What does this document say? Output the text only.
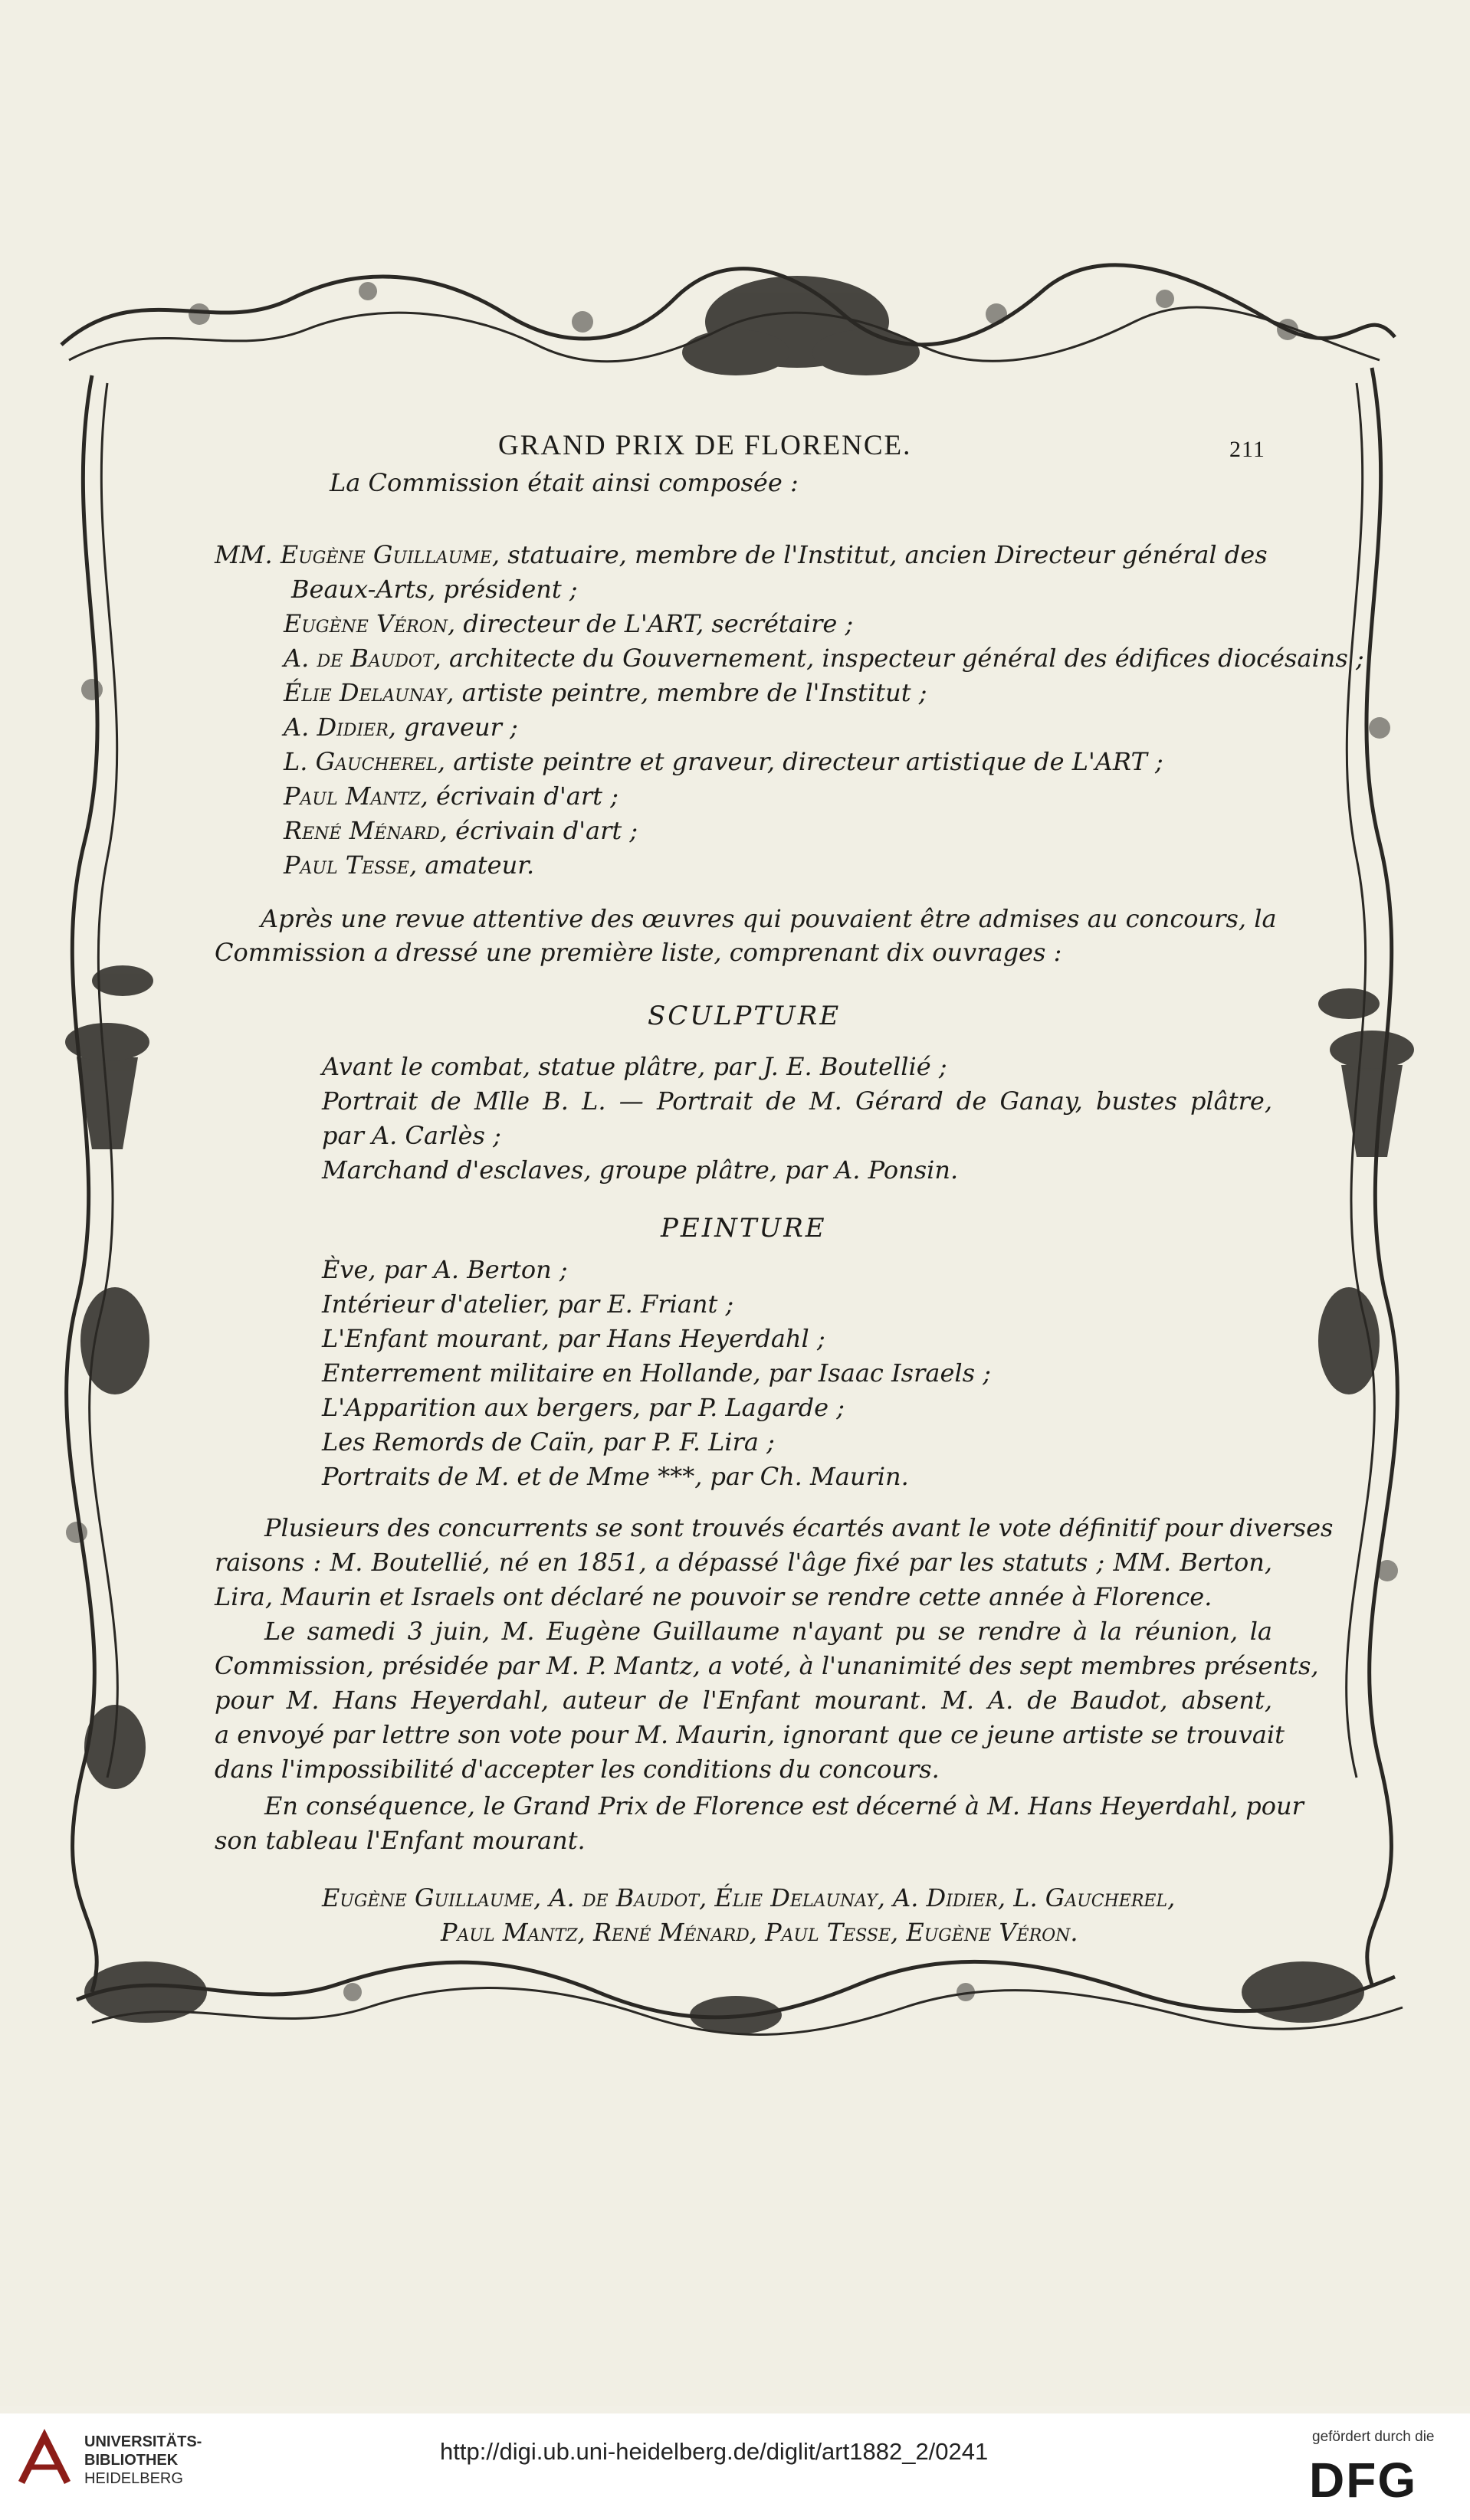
GRAND PRIX DE FLORENCE.	211
La Commission était ainsi composée :
MM. Eugène Guillaume, statuaire, membre de l'Institut, ancien Directeur général des
Beaux-Arts, président ;
Eugène Véron, directeur de L'ART, secrétaire ;
A. de Baudot, architecte du Gouvernement, inspecteur général des édifices diocésains ;
Élie Delaunay, artiste peintre, membre de l'Institut ;
A. Didier, graveur ;
L. Gaucherel, artiste peintre et graveur, directeur artistique de L'ART ;
Paul Mantz, écrivain d'art ;
René Ménard, écrivain d'art ;
Paul Tesse, amateur.
Après une revue attentive des œuvres qui pouvaient être admises au concours, la
Commission a dressé une première liste, comprenant dix ouvrages :
SCULPTURE
Avant le combat, statue plâtre, par J. E. Boutellié ;
Portrait de Mlle B. L. — Portrait de M. Gérard de Ganay, bustes plâtre,
par A. Carlès ;
Marchand d'esclaves, groupe plâtre, par A. Ponsin.
PEINTURE
Ève, par A. Berton ;
Intérieur d'atelier, par E. Friant ;
L'Enfant mourant, par Hans Heyerdahl ;
Enterrement militaire en Hollande, par Isaac Israels ;
L'Apparition aux bergers, par P. Lagarde ;
Les Remords de Caïn, par P. F. Lira ;
Portraits de M. et de Mme ***, par Ch. Maurin.
Plusieurs des concurrents se sont trouvés écartés avant le vote définitif pour diverses
raisons : M. Boutellié, né en 1851, a dépassé l'âge fixé par les statuts ; MM. Berton,
Lira, Maurin et Israels ont déclaré ne pouvoir se rendre cette année à Florence.
Le samedi 3 juin, M. Eugène Guillaume n'ayant pu se rendre à la réunion, la
Commission, présidée par M. P. Mantz, a voté, à l'unanimité des sept membres présents,
pour M. Hans Heyerdahl, auteur de l'Enfant mourant. M. A. de Baudot, absent,
a envoyé par lettre son vote pour M. Maurin, ignorant que ce jeune artiste se trouvait
dans l'impossibilité d'accepter les conditions du concours.
En conséquence, le Grand Prix de Florence est décerné à M. Hans Heyerdahl, pour
son tableau l'Enfant mourant.
Eugène Guillaume, A. de Baudot, Élie Delaunay, A. Didier, L. Gaucherel,
Paul Mantz, René Ménard, Paul Tesse, Eugène Véron.
UNIVERSITÄTS-
BIBLIOTHEK
HEIDELBERG
http://digi.ub.uni-heidelberg.de/diglit/art1882_2/0241
gefördert durch die
DFG
